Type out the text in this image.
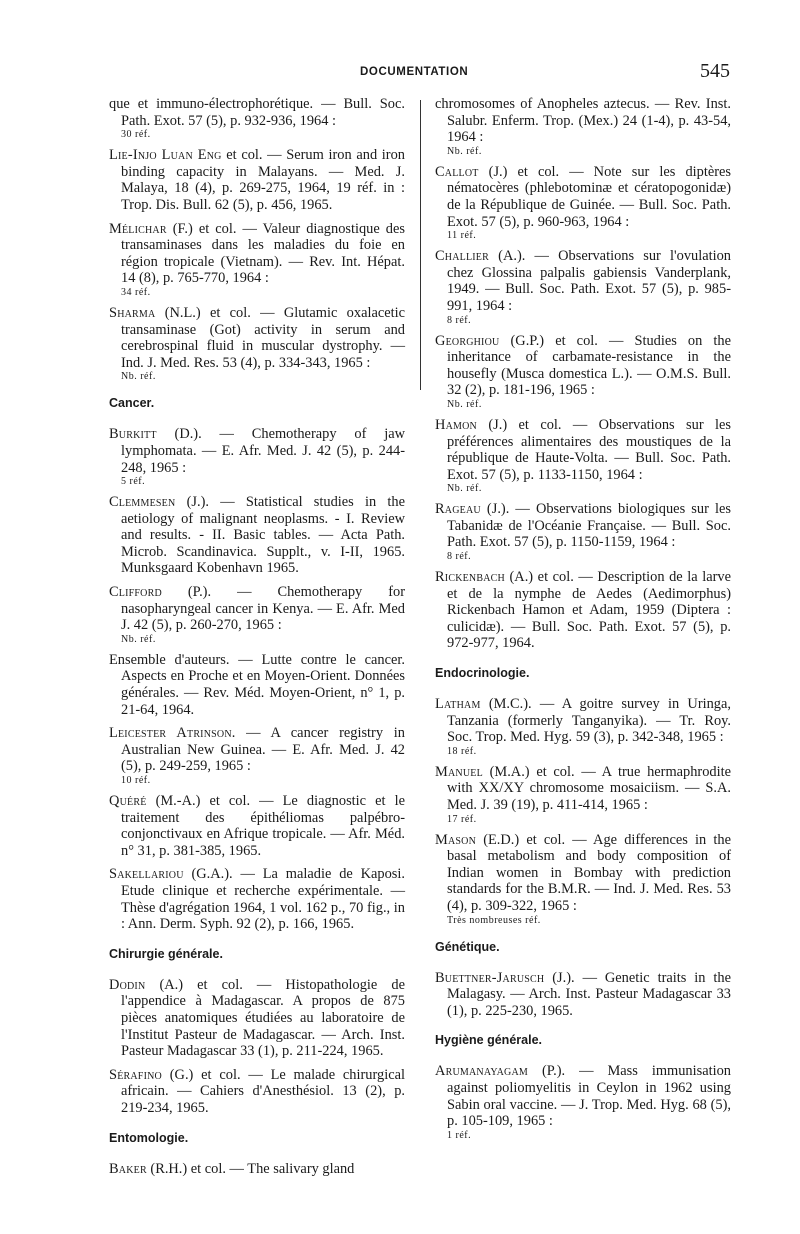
DOCUMENTATION	545
que et immuno-électrophorétique. — Bull. Soc. Path. Exot. 57 (5), p. 932-936, 1964 :
30 réf.
Lie-Injo Luan Eng et col. — Serum iron and iron binding capacity in Malayans. — Med. J. Malaya, 18 (4), p. 269-275, 1964, 19 réf. in : Trop. Dis. Bull. 62 (5), p. 456, 1965.
Mélichar (F.) et col. — Valeur diagnostique des transaminases dans les maladies du foie en région tropicale (Vietnam). — Rev. Int. Hépat. 14 (8), p. 765-770, 1964 :
34 réf.
Sharma (N.L.) et col. — Glutamic oxalacetic transaminase (Got) activity in serum and cerebrospinal fluid in muscular dystrophy. — Ind. J. Med. Res. 53 (4), p. 334-343, 1965 :
Nb. réf.
Cancer.
Burkitt (D.). — Chemotherapy of jaw lymphomata. — E. Afr. Med. J. 42 (5), p. 244-248, 1965 :
5 réf.
Clemmesen (J.). — Statistical studies in the aetiology of malignant neoplasms. - I. Review and results. - II. Basic tables. — Acta Path. Microb. Scandinavica. Supplt., v. I-II, 1965. Munksgaard Kobenhavn 1965.
Clifford (P.). — Chemotherapy for nasopharyngeal cancer in Kenya. — E. Afr. Med J. 42 (5), p. 260-270, 1965 :
Nb. réf.
Ensemble d'auteurs. — Lutte contre le cancer. Aspects en Proche et en Moyen-Orient. Données générales. — Rev. Méd. Moyen-Orient, n° 1, p. 21-64, 1964.
Leicester Atrinson. — A cancer registry in Australian New Guinea. — E. Afr. Med. J. 42 (5), p. 249-259, 1965 :
10 réf.
Quéré (M.-A.) et col. — Le diagnostic et le traitement des épithéliomas palpébro-conjonctivaux en Afrique tropicale. — Afr. Méd. n° 31, p. 381-385, 1965.
Sakellariou (G.A.). — La maladie de Kaposi. Etude clinique et recherche expérimentale. — Thèse d'agrégation 1964, 1 vol. 162 p., 70 fig., in : Ann. Derm. Syph. 92 (2), p. 166, 1965.
Chirurgie générale.
Dodin (A.) et col. — Histopathologie de l'appendice à Madagascar. A propos de 875 pièces anatomiques étudiées au laboratoire de l'Institut Pasteur de Madagascar. — Arch. Inst. Pasteur Madagascar 33 (1), p. 211-224, 1965.
Sérafino (G.) et col. — Le malade chirurgical africain. — Cahiers d'Anesthésiol. 13 (2), p. 219-234, 1965.
Entomologie.
Baker (R.H.) et col. — The salivary gland
chromosomes of Anopheles aztecus. — Rev. Inst. Salubr. Enferm. Trop. (Mex.) 24 (1-4), p. 43-54, 1964 :
Nb. réf.
Callot (J.) et col. — Note sur les diptères nématocères (phlebotominæ et cératopogonidæ) de la République de Guinée. — Bull. Soc. Path. Exot. 57 (5), p. 960-963, 1964 :
11 réf.
Challier (A.). — Observations sur l'ovulation chez Glossina palpalis gabiensis Vanderplank, 1949. — Bull. Soc. Path. Exot. 57 (5), p. 985-991, 1964 :
8 réf.
Georghiou (G.P.) et col. — Studies on the inheritance of carbamate-resistance in the housefly (Musca domestica L.). — O.M.S. Bull. 32 (2), p. 181-196, 1965 :
Nb. réf.
Hamon (J.) et col. — Observations sur les préférences alimentaires des moustiques de la république de Haute-Volta. — Bull. Soc. Path. Exot. 57 (5), p. 1133-1150, 1964 :
Nb. réf.
Rageau (J.). — Observations biologiques sur les Tabanidæ de l'Océanie Française. — Bull. Soc. Path. Exot. 57 (5), p. 1150-1159, 1964 :
8 réf.
Rickenbach (A.) et col. — Description de la larve et de la nymphe de Aedes (Aedimorphus) Rickenbach Hamon et Adam, 1959 (Diptera : culicidæ). — Bull. Soc. Path. Exot. 57 (5), p. 972-977, 1964.
Endocrinologie.
Latham (M.C.). — A goitre survey in Uringa, Tanzania (formerly Tanganyika). — Tr. Roy. Soc. Trop. Med. Hyg. 59 (3), p. 342-348, 1965 :
18 réf.
Manuel (M.A.) et col. — A true hermaphrodite with XX/XY chromosome mosaiciism. — S.A. Med. J. 39 (19), p. 411-414, 1965 :
17 réf.
Mason (E.D.) et col. — Age differences in the basal metabolism and body composition of Indian women in Bombay with prediction standards for the B.M.R. — Ind. J. Med. Res. 53 (4), p. 309-322, 1965 :
Très nombreuses réf.
Génétique.
Buettner-Jarusch (J.). — Genetic traits in the Malagasy. — Arch. Inst. Pasteur Madagascar 33 (1), p. 225-230, 1965.
Hygiène générale.
Arumanayagam (P.). — Mass immunisation against poliomyelitis in Ceylon in 1962 using Sabin oral vaccine. — J. Trop. Med. Hyg. 68 (5), p. 105-109, 1965 :
1 réf.
